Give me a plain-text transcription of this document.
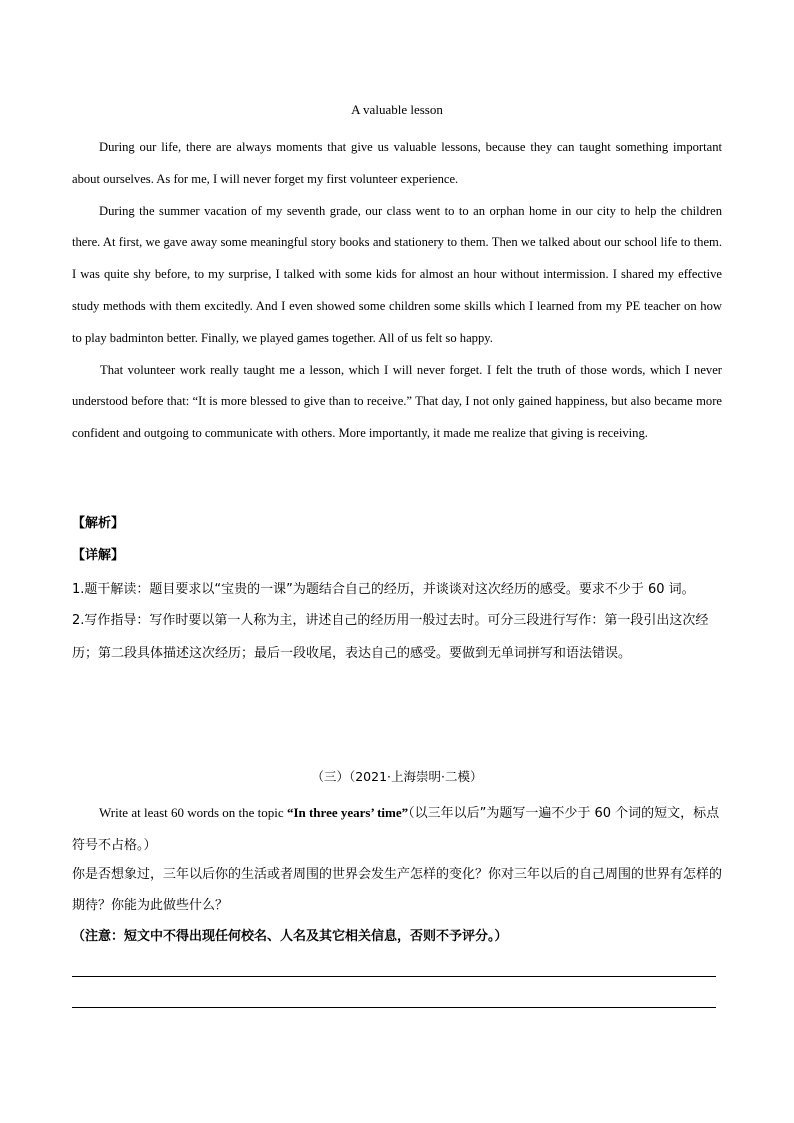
A valuable lesson

During our life, there are always moments that give us valuable lessons, because they can taught something important about ourselves. As for me, I will never forget my first volunteer experience.

During the summer vacation of my seventh grade, our class went to to an orphan home in our city to help the children there. At first, we gave away some meaningful story books and stationery to them. Then we talked about our school life to them. I was quite shy before, to my surprise, I talked with some kids for almost an hour without intermission. I shared my effective study methods with them excitedly. And I even showed some children some skills which I learned from my PE teacher on how to play badminton better. Finally, we played games together. All of us felt so happy.

That volunteer work really taught me a lesson, which I will never forget. I felt the truth of those words, which I never understood before that: “It is more blessed to give than to receive.” That day, I not only gained happiness, but also became more confident and outgoing to communicate with others. More importantly, it made me realize that giving is receiving.

【解析】
【详解】
1.题干解读：题目要求以“宝贵的一课”为题结合自己的经历，并谈谈对这次经历的感受。要求不少于 60 词。
2.写作指导：写作时要以第一人称为主，讲述自己的经历用一般过去时。可分三段进行写作：第一段引出这次经历；第二段具体描述这次经历；最后一段收尾，表达自己的感受。要做到无单词拼写和语法错误。
（三）（2021·上海崇明·二模）
Write at least 60 words on the topic “In three years’ time”（以三年以后”为题写一遍不少于 60 个词的短文，标点符号不占格。）
你是否想象过，三年以后你的生活或者周围的世界会发生产怎样的变化？你对三年以后的自己周围的世界有怎样的期待？你能为此做些什么？
（注意：短文中不得出现任何校名、人名及其它相关信息，否则不予评分。）
